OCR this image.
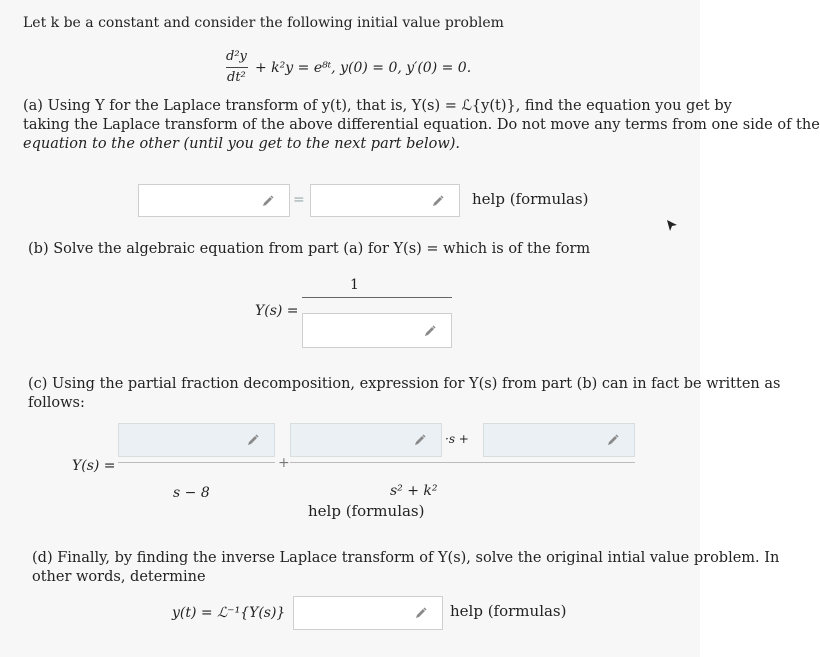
Let k be a constant and consider the following initial value problem
d²y
dt²
+ k²y = e⁸ᵗ, y(0) = 0, y′(0) = 0.
(a) Using Y for the Laplace transform of y(t), that is, Y(s) = ℒ{y(t)}, find the equation you get by
taking the Laplace transform of the above differential equation. Do not move any terms from one side of the
equation to the other (until you get to the next part below).
=	help (formulas)
(b) Solve the algebraic equation from part (a) for Y(s) = which is of the form
1
Y(s) =
(c) Using the partial fraction decomposition, expression for Y(s) from part (b) can in fact be written as
follows:
Y(s) =
s − 8
+
·s +
s² + k²
help (formulas)
(d) Finally, by finding the inverse Laplace transform of Y(s), solve the original intial value problem. In
other words, determine
y(t) = ℒ⁻¹{Y(s)}	help (formulas)
